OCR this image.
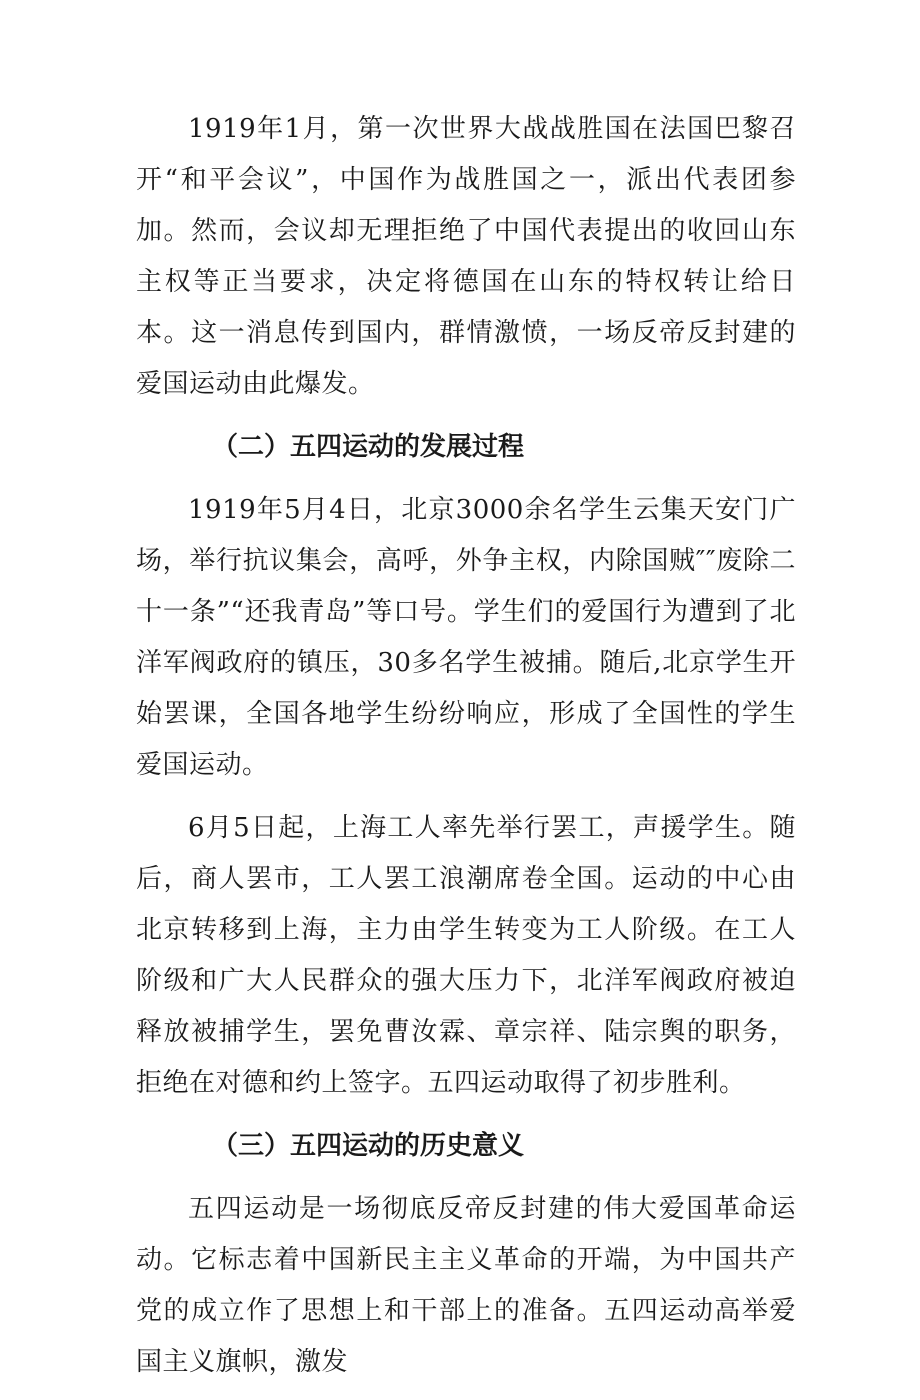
1919年1月，第一次世界大战战胜国在法国巴黎召开“和平会议”，中国作为战胜国之一，派出代表团参加。然而，会议却无理拒绝了中国代表提出的收回山东主权等正当要求，决定将德国在山东的特权转让给日本。这一消息传到国内，群情激愤，一场反帝反封建的爱国运动由此爆发。

（二）五四运动的发展过程

1919年5月4日，北京3000余名学生云集天安门广场，举行抗议集会，高呼，外争主权，内除国贼″″废除二十一条”“还我青岛”等口号。学生们的爱国行为遭到了北洋军阀政府的镇压，30多名学生被捕。随后,北京学生开始罢课，全国各地学生纷纷响应，形成了全国性的学生爱国运动。

6月5日起，上海工人率先举行罢工，声援学生。随后，商人罢市，工人罢工浪潮席卷全国。运动的中心由北京转移到上海，主力由学生转变为工人阶级。在工人阶级和广大人民群众的强大压力下，北洋军阀政府被迫释放被捕学生，罢免曹汝霖、章宗祥、陆宗舆的职务，拒绝在对德和约上签字。五四运动取得了初步胜利。

（三）五四运动的历史意义

五四运动是一场彻底反帝反封建的伟大爱国革命运动。它标志着中国新民主主义革命的开端，为中国共产党的成立作了思想上和干部上的准备。五四运动高举爱国主义旗帜，激发
